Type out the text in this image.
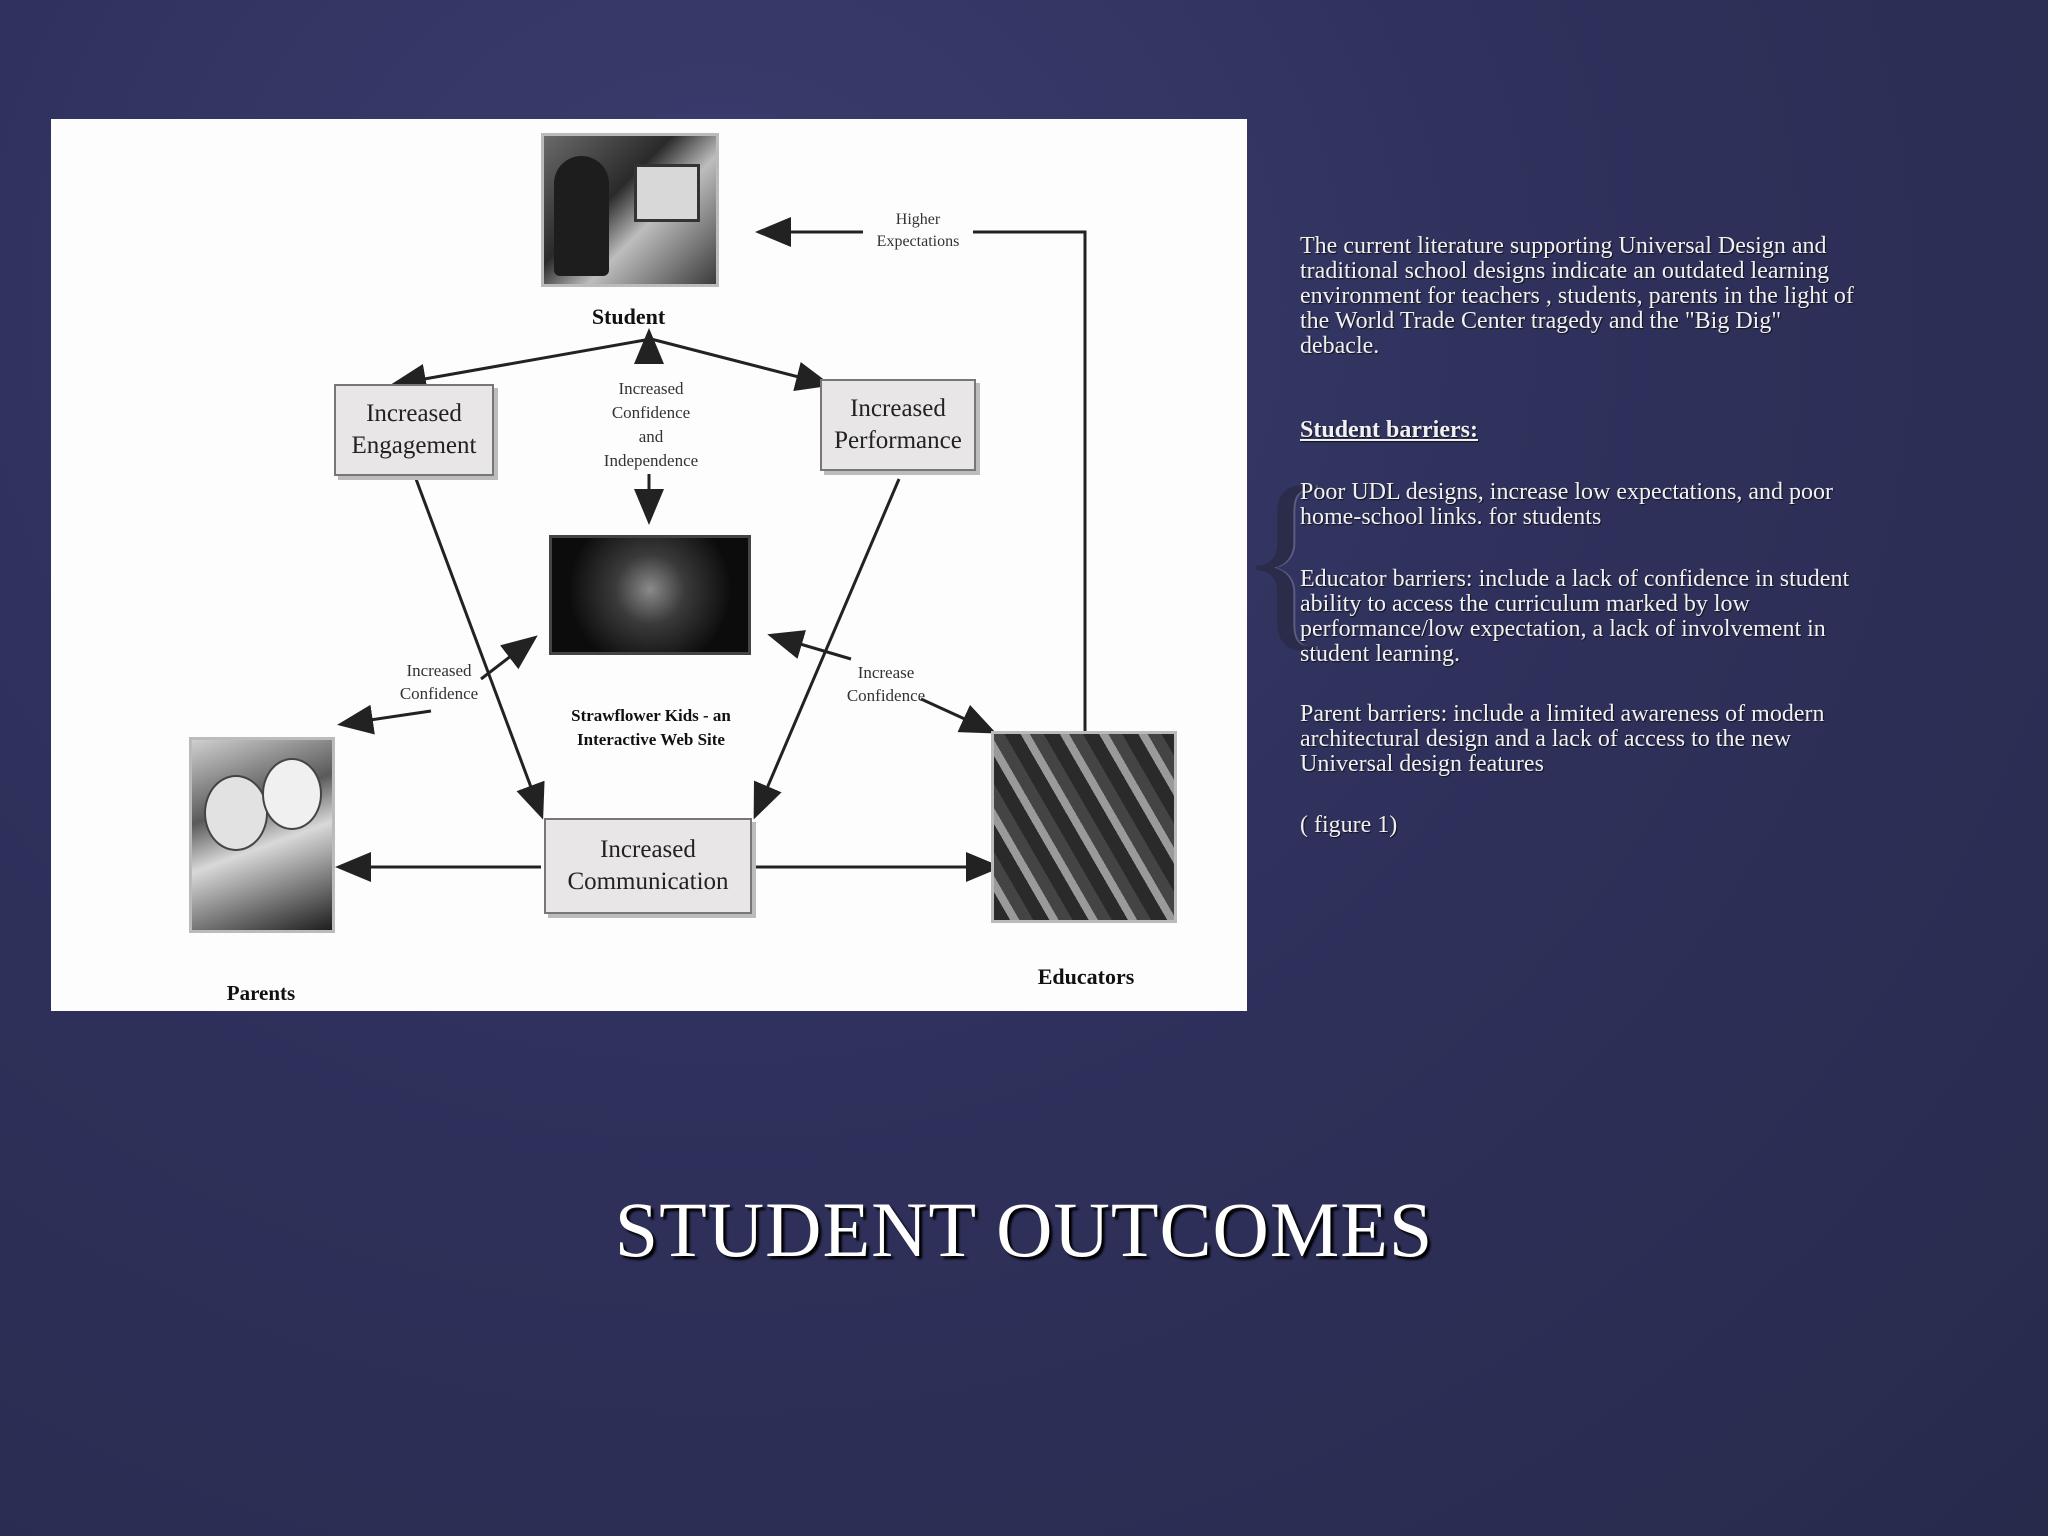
Student
Increased
Engagement
Increased
Performance
Increased
Confidence
and
Independence
Higher
Expectations
Strawflower Kids - an
Interactive Web Site
Increased
Confidence
Increase
Confidence
Parents
Increased
Communication
Educators
{
The current literature supporting Universal Design and traditional school designs indicate an outdated learning environment for teachers , students, parents in the light of the World Trade Center tragedy and the "Big Dig" debacle.
Student barriers:
Poor UDL designs, increase low expectations, and poor home-school links. for students
Educator barriers: include a lack of confidence in student ability to access the curriculum marked by low performance/low expectation, a lack of involvement in student learning.
Parent barriers: include a limited awareness of modern architectural design and a lack of access to the new Universal design features
( figure 1)
STUDENT OUTCOMES
